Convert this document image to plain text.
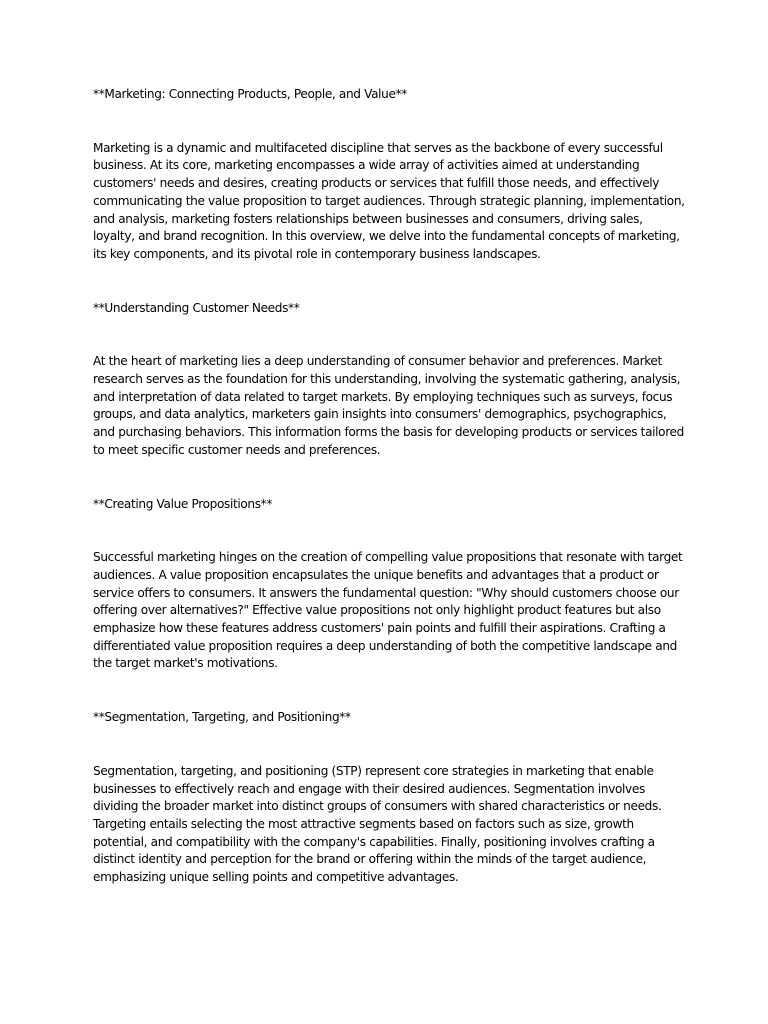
**Marketing: Connecting Products, People, and Value**

Marketing is a dynamic and multifaceted discipline that serves as the backbone of every successful business. At its core, marketing encompasses a wide array of activities aimed at understanding customers' needs and desires, creating products or services that fulfill those needs, and effectively communicating the value proposition to target audiences. Through strategic planning, implementation, and analysis, marketing fosters relationships between businesses and consumers, driving sales, loyalty, and brand recognition. In this overview, we delve into the fundamental concepts of marketing, its key components, and its pivotal role in contemporary business landscapes.

**Understanding Customer Needs**

At the heart of marketing lies a deep understanding of consumer behavior and preferences. Market research serves as the foundation for this understanding, involving the systematic gathering, analysis, and interpretation of data related to target markets. By employing techniques such as surveys, focus groups, and data analytics, marketers gain insights into consumers' demographics, psychographics, and purchasing behaviors. This information forms the basis for developing products or services tailored to meet specific customer needs and preferences.

**Creating Value Propositions**

Successful marketing hinges on the creation of compelling value propositions that resonate with target audiences. A value proposition encapsulates the unique benefits and advantages that a product or service offers to consumers. It answers the fundamental question: "Why should customers choose our offering over alternatives?" Effective value propositions not only highlight product features but also emphasize how these features address customers' pain points and fulfill their aspirations. Crafting a differentiated value proposition requires a deep understanding of both the competitive landscape and the target market's motivations.

**Segmentation, Targeting, and Positioning**

Segmentation, targeting, and positioning (STP) represent core strategies in marketing that enable businesses to effectively reach and engage with their desired audiences. Segmentation involves dividing the broader market into distinct groups of consumers with shared characteristics or needs. Targeting entails selecting the most attractive segments based on factors such as size, growth potential, and compatibility with the company's capabilities. Finally, positioning involves crafting a distinct identity and perception for the brand or offering within the minds of the target audience, emphasizing unique selling points and competitive advantages.
